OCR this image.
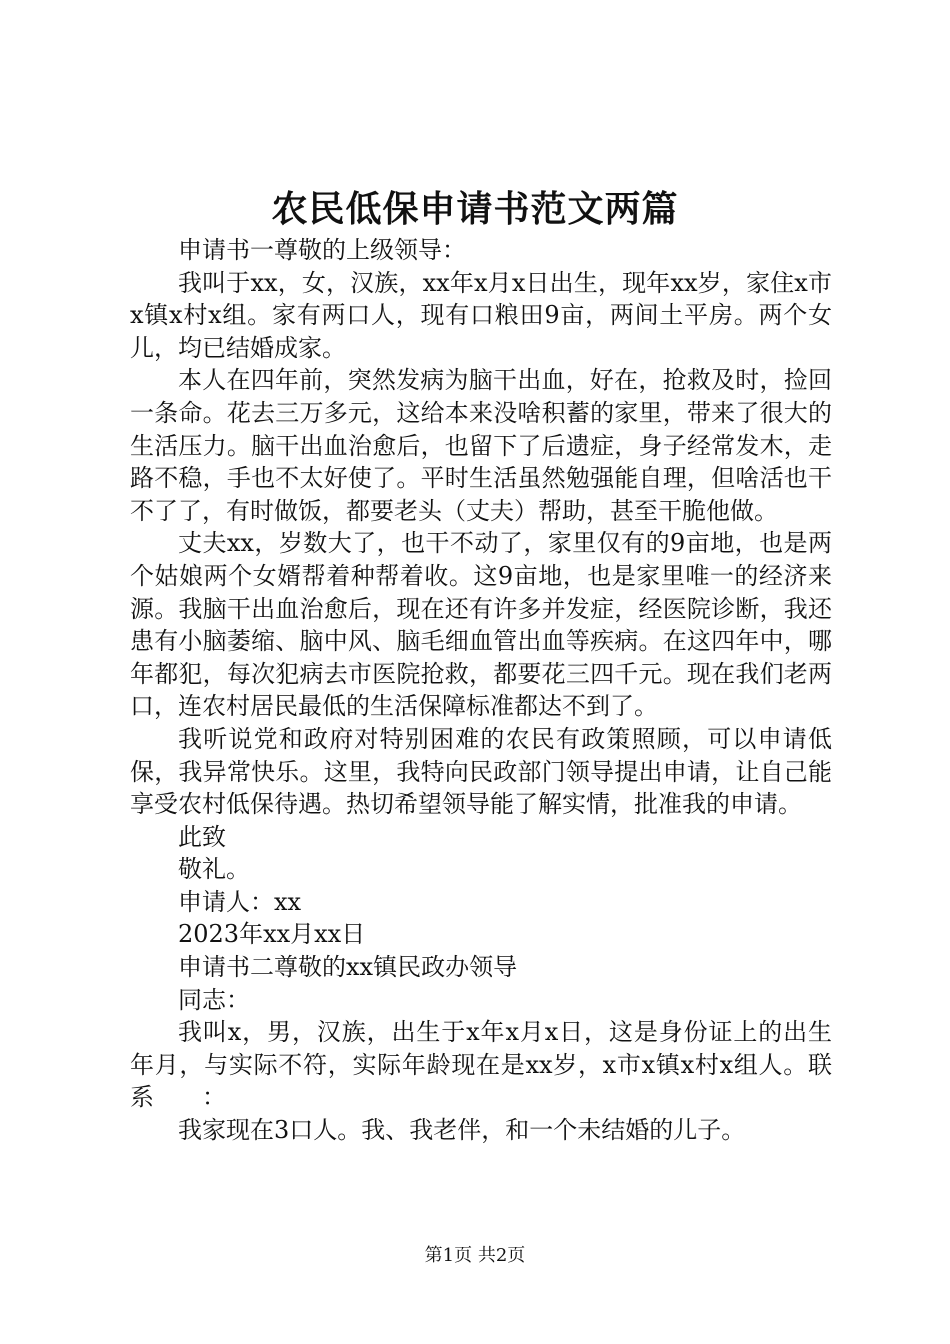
农民低保申请书范文两篇

申请书一尊敬的上级领导：

我叫于xx，女，汉族，xx年x月x日出生，现年xx岁，家住x市x镇x村x组。家有两口人，现有口粮田9亩，两间土平房。两个女儿，均已结婚成家。

本人在四年前，突然发病为脑干出血，好在，抢救及时，捡回一条命。花去三万多元，这给本来没啥积蓄的家里，带来了很大的生活压力。脑干出血治愈后，也留下了后遗症，身子经常发木，走路不稳，手也不太好使了。平时生活虽然勉强能自理，但啥活也干不了了，有时做饭，都要老头（丈夫）帮助，甚至干脆他做。

丈夫xx，岁数大了，也干不动了，家里仅有的9亩地，也是两个姑娘两个女婿帮着种帮着收。这9亩地，也是家里唯一的经济来源。我脑干出血治愈后，现在还有许多并发症，经医院诊断，我还患有小脑萎缩、脑中风、脑毛细血管出血等疾病。在这四年中，哪年都犯，每次犯病去市医院抢救，都要花三四千元。现在我们老两口，连农村居民最低的生活保障标准都达不到了。

我听说党和政府对特别困难的农民有政策照顾，可以申请低保，我异常快乐。这里，我特向民政部门领导提出申请，让自己能享受农村低保待遇。热切希望领导能了解实情，批准我的申请。

此致

敬礼。

申请人：xx

2023年xx月xx日

申请书二尊敬的xx镇民政办领导

同志：

我叫x，男，汉族，出生于x年x月x日，这是身份证上的出生年月，与实际不符，实际年龄现在是xx岁，x市x镇x村x组人。联系　　：

我家现在3口人。我、我老伴，和一个未结婚的儿子。

第1页 共2页
